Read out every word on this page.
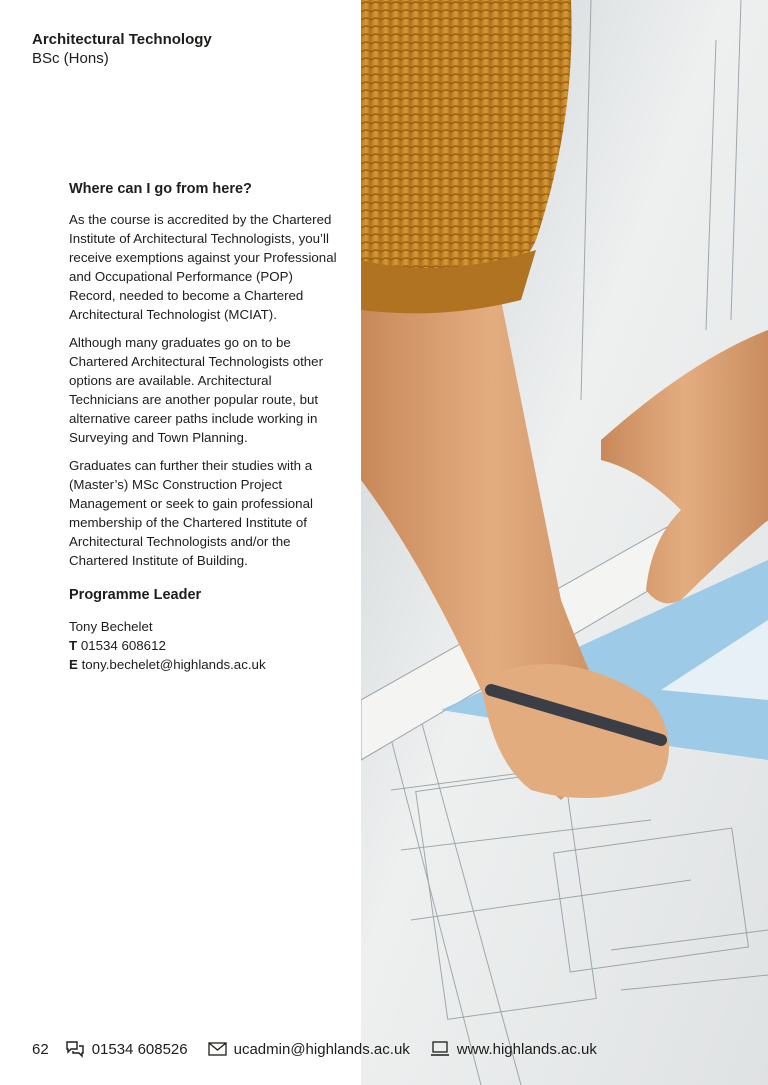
Architectural Technology
BSc (Hons)
Where can I go from here?

As the course is accredited by the Chartered Institute of Architectural Technologists, you’ll receive exemptions against your Professional and Occupational Performance (POP) Record, needed to become a Chartered Architectural Technologist (MCIAT).

Although many graduates go on to be Chartered Architectural Technologists other options are available. Architectural Technicians are another popular route, but alternative career paths include working in Surveying and Town Planning.

Graduates can further their studies with a (Master’s) MSc Construction Project Management or seek to gain professional membership of the Chartered Institute of Architectural Technologists and/or the Chartered Institute of Building.

Programme Leader
Tony Bechelet
T 01534 608612
E tony.bechelet@highlands.ac.uk
62	01534 608526	ucadmin@highlands.ac.uk	www.highlands.ac.uk
